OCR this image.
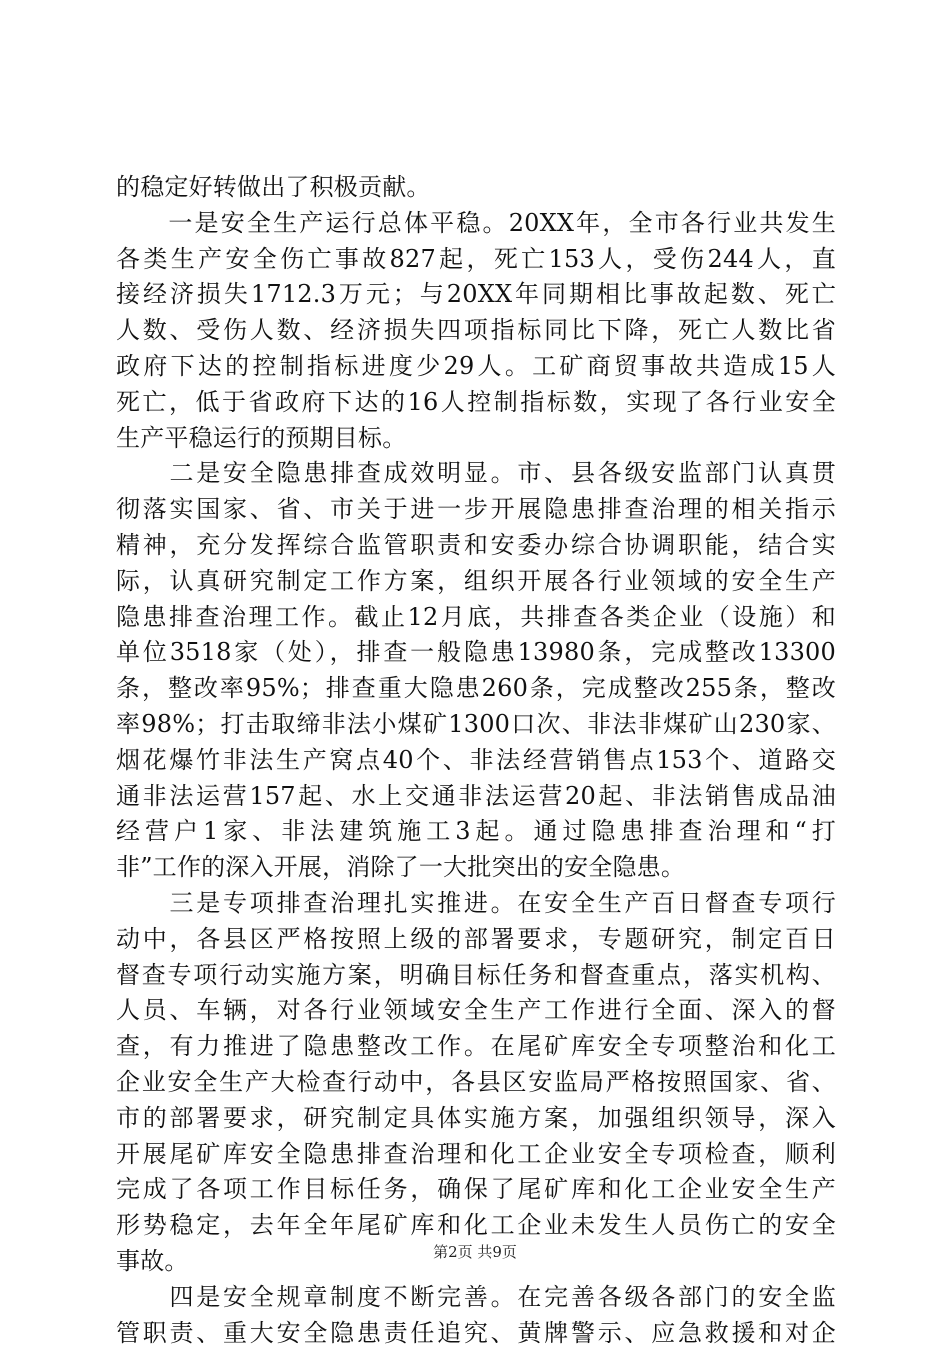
的稳定好转做出了积极贡献。
　　一是安全生产运行总体平稳。20XX年，全市各行业共发生
各类生产安全伤亡事故827起，死亡153人，受伤244人，直
接经济损失1712.3万元；与20XX年同期相比事故起数、死亡
人数、受伤人数、经济损失四项指标同比下降，死亡人数比省
政府下达的控制指标进度少29人。工矿商贸事故共造成15人
死亡，低于省政府下达的16人控制指标数，实现了各行业安全
生产平稳运行的预期目标。
　　二是安全隐患排查成效明显。市、县各级安监部门认真贯
彻落实国家、省、市关于进一步开展隐患排查治理的相关指示
精神，充分发挥综合监管职责和安委办综合协调职能，结合实
际，认真研究制定工作方案，组织开展各行业领域的安全生产
隐患排查治理工作。截止12月底，共排查各类企业（设施）和
单位3518家（处），排查一般隐患13980条，完成整改13300
条，整改率95%；排查重大隐患260条，完成整改255条，整改
率98%；打击取缔非法小煤矿1300口次、非法非煤矿山230家、
烟花爆竹非法生产窝点40个、非法经营销售点153个、道路交
通非法运营157起、水上交通非法运营20起、非法销售成品油
经营户1家、非法建筑施工3起。通过隐患排查治理和“打
非”工作的深入开展，消除了一大批突出的安全隐患。
　　三是专项排查治理扎实推进。在安全生产百日督查专项行
动中，各县区严格按照上级的部署要求，专题研究，制定百日
督查专项行动实施方案，明确目标任务和督查重点，落实机构、
人员、车辆，对各行业领域安全生产工作进行全面、深入的督
查，有力推进了隐患整改工作。在尾矿库安全专项整治和化工
企业安全生产大检查行动中，各县区安监局严格按照国家、省、
市的部署要求，研究制定具体实施方案，加强组织领导，深入
开展尾矿库安全隐患排查治理和化工企业安全专项检查，顺利
完成了各项工作目标任务，确保了尾矿库和化工企业安全生产
形势稳定，去年全年尾矿库和化工企业未发生人员伤亡的安全
事故。
　　四是安全规章制度不断完善。在完善各级各部门的安全监
管职责、重大安全隐患责任追究、黄牌警示、应急救援和对企
第2页 共9页
